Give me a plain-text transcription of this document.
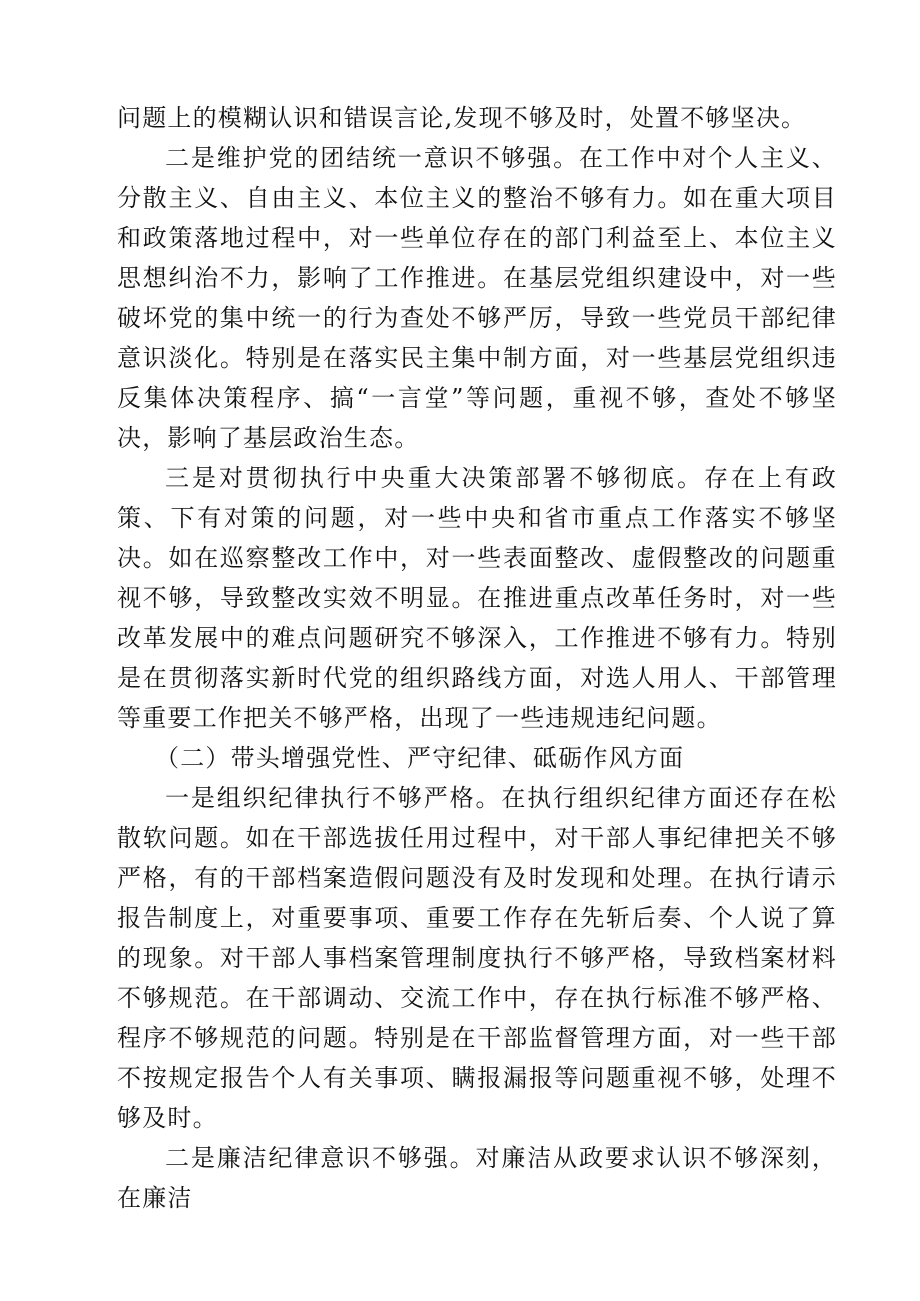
问题上的模糊认识和错误言论,发现不够及时，处置不够坚决。

二是维护党的团结统一意识不够强。在工作中对个人主义、分散主义、自由主义、本位主义的整治不够有力。如在重大项目和政策落地过程中，对一些单位存在的部门利益至上、本位主义思想纠治不力，影响了工作推进。在基层党组织建设中，对一些破坏党的集中统一的行为查处不够严厉，导致一些党员干部纪律意识淡化。特别是在落实民主集中制方面，对一些基层党组织违反集体决策程序、搞“一言堂”等问题，重视不够，查处不够坚决，影响了基层政治生态。

三是对贯彻执行中央重大决策部署不够彻底。存在上有政策、下有对策的问题，对一些中央和省市重点工作落实不够坚决。如在巡察整改工作中，对一些表面整改、虚假整改的问题重视不够，导致整改实效不明显。在推进重点改革任务时，对一些改革发展中的难点问题研究不够深入，工作推进不够有力。特别是在贯彻落实新时代党的组织路线方面，对选人用人、干部管理等重要工作把关不够严格，出现了一些违规违纪问题。

（二）带头增强党性、严守纪律、砥砺作风方面

一是组织纪律执行不够严格。在执行组织纪律方面还存在松散软问题。如在干部选拔任用过程中，对干部人事纪律把关不够严格，有的干部档案造假问题没有及时发现和处理。在执行请示报告制度上，对重要事项、重要工作存在先斩后奏、个人说了算的现象。对干部人事档案管理制度执行不够严格，导致档案材料不够规范。在干部调动、交流工作中，存在执行标准不够严格、程序不够规范的问题。特别是在干部监督管理方面，对一些干部不按规定报告个人有关事项、瞒报漏报等问题重视不够，处理不够及时。

二是廉洁纪律意识不够强。对廉洁从政要求认识不够深刻，在廉洁
